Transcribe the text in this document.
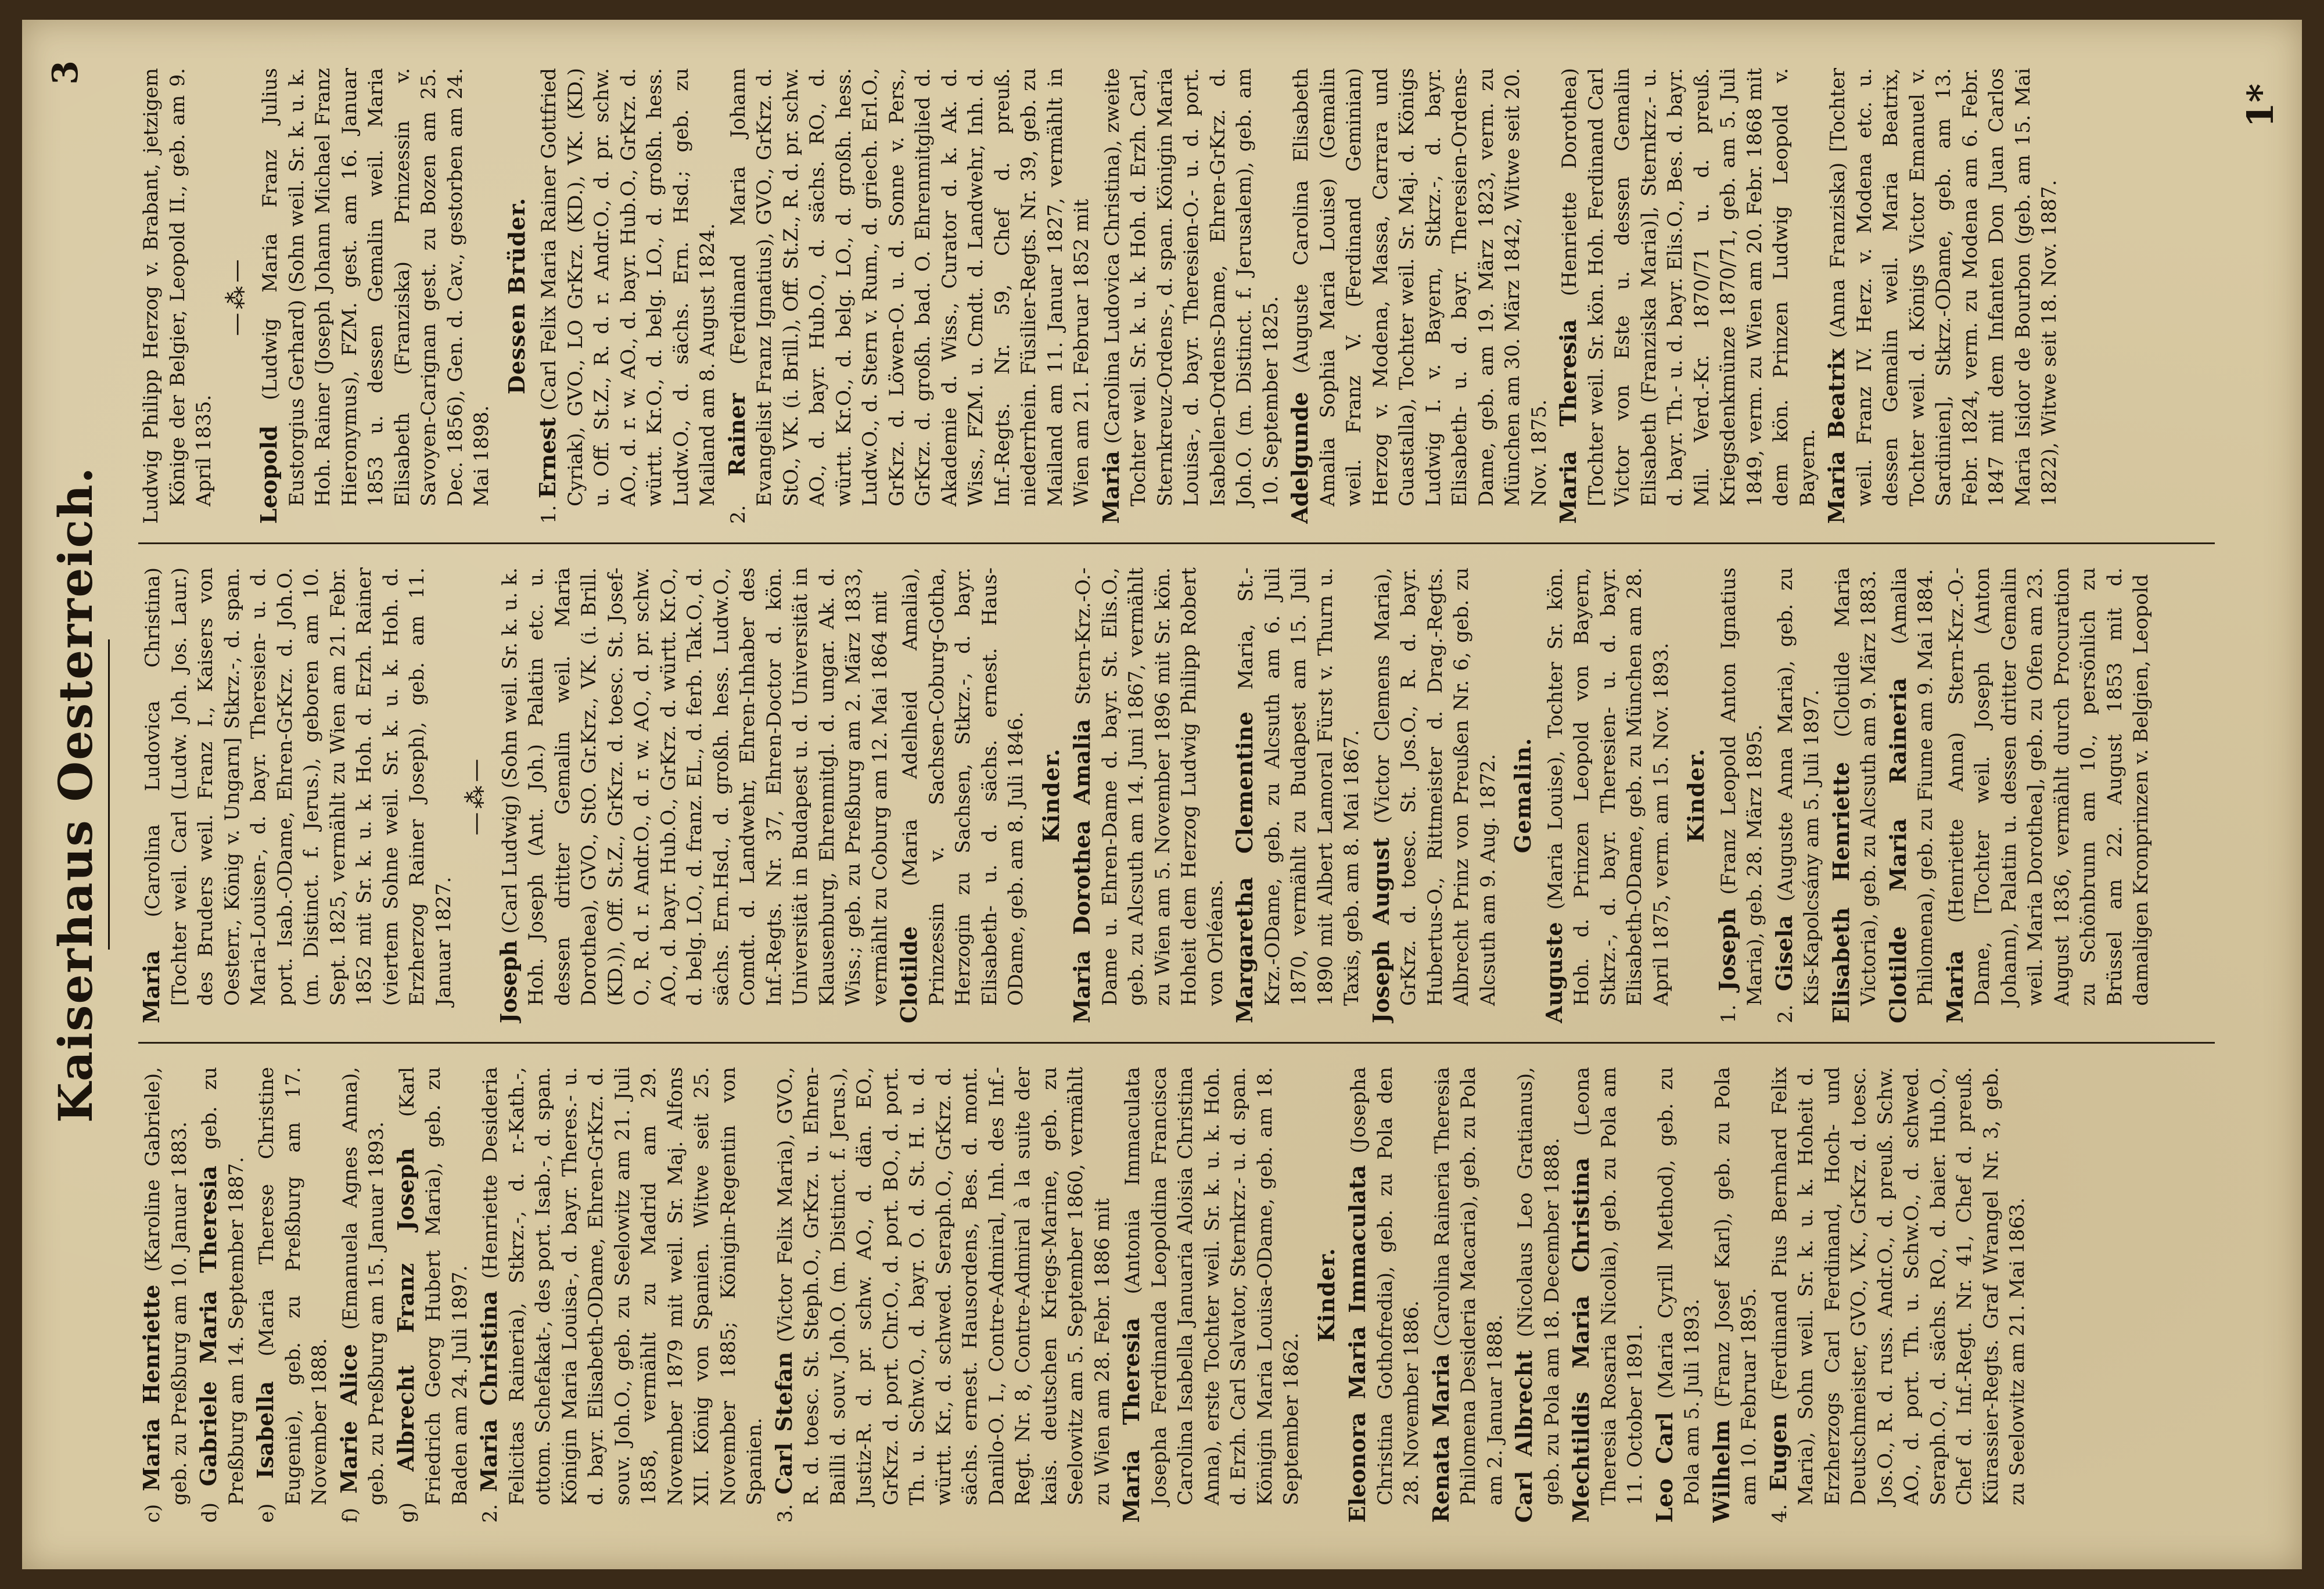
3
Kaiserhaus Oesterreich.

c) Maria Henriette (Karoline Gabriele), geb. zu Preßburg am 10. Januar 1883.

d) Gabriele Maria Theresia geb. zu Preßburg am 14. September 1887.

e) Isabella (Maria Therese Christine Eugenie), geb. zu Preßburg am 17. November 1888.

f) Marie Alice (Emanuela Agnes Anna), geb. zu Preßburg am 15. Januar 1893.

g) Albrecht Franz Joseph (Karl Friedrich Georg Hubert Maria), geb. zu Baden am 24. Juli 1897.

2. Maria Christina (Henriette Desideria Felicitas Raineria), Stkrz.-, d. r.-Kath.-, ottom. Schefakat-, des port. Isab.-, d. span. Königin Maria Louisa-, d. bayr. Theres.- u. d. bayr. Elisabeth-ODame, Ehren-GrKrz. d. souv. Joh.O., geb. zu Seelowitz am 21. Juli 1858, vermählt zu Madrid am 29. November 1879 mit weil. Sr. Maj. Alfons XII. König von Spanien. Witwe seit 25. November 1885; Königin-Regentin von Spanien.

3. Carl Stefan (Victor Felix Maria), GVO., R. d. toesc. St. Steph.O., GrKrz. u. Ehren-Bailli d. souv. Joh.O. (m. Distinct. f. Jerus.), Justiz-R. d. pr. schw. AO., d. dän. EO., GrKrz. d. port. Chr.O., d. port. BO., d. port. Th. u. Schw.O., d. bayr. O. d. St. H. u. d. württ. Kr., d. schwed. Seraph.O., GrKrz. d. sächs. ernest. Hausordens, Bes. d. mont. Danilo-O. I., Contre-Admiral, Inh. des Inf.-Regt. Nr. 8, Contre-Admiral à la suite der kais. deutschen Kriegs-Marine, geb. zu Seelowitz am 5. September 1860, vermählt zu Wien am 28. Febr. 1886 mit Maria Theresia (Antonia Immaculata Josepha Ferdinanda Leopoldina Francisca Carolina Isabella Januaria Aloisia Christina Anna), erste Tochter weil. Sr. k. u. k. Hoh. d. Erzh. Carl Salvator, Sternkrz.- u. d. span. Königin Maria Louisa-ODame, geb. am 18. September 1862.

Kinder. Eleonora Maria Immaculata (Josepha Christina Gothofredia), geb. zu Pola den 28. November 1886. Renata Maria (Carolina Raineria Theresia Philomena Desideria Macaria), geb. zu Pola am 2. Januar 1888. Carl Albrecht (Nicolaus Leo Gratianus), geb. zu Pola am 18. December 1888. Mechtildis Maria Christina (Leona Theresia Rosaria Nicolia), geb. zu Pola am 11. October 1891. Leo Carl (Maria Cyrill Method), geb. zu Pola am 5. Juli 1893. Wilhelm (Franz Josef Karl), geb. zu Pola am 10. Februar 1895.

4. Eugen (Ferdinand Pius Bernhard Felix Maria), Sohn weil. Sr. k. u. k. Hoheit d. Erzherzogs Carl Ferdinand, Hoch- und Deutschmeister, GVO., VK., GrKrz. d. toesc. Jos.O., R. d. russ. Andr.O., d. preuß. Schw. AO., d. port. Th. u. Schw.O., d. schwed. Seraph.O., d. sächs. RO., d. baier. Hub.O., Chef d. Inf.-Regt. Nr. 41, Chef d. preuß. Kürassier-Regts. Graf Wrangel Nr. 3, geb. zu Seelowitz am 21. Mai 1863.

Maria (Carolina Ludovica Christina) [Tochter weil. Carl (Ludw. Joh. Jos. Laur.) des Bruders weil. Franz I., Kaisers von Oesterr., König v. Ungarn] Stkrz.-, d. span. Maria-Louisen-, d. bayr. Theresien- u. d. port. Isab.-ODame, Ehren-GrKrz. d. Joh.O. (m. Distinct. f. Jerus.), geboren am 10. Sept. 1825, vermählt zu Wien am 21. Febr. 1852 mit Sr. k. u. k. Hoh. d. Erzh. Rainer (viertem Sohne weil. Sr. k. u. k. Hoh. d. Erzherzog Rainer Joseph), geb. am 11. Januar 1827.

—⁂—

Joseph (Carl Ludwig) (Sohn weil. Sr. k. u. k. Hoh. Joseph (Ant. Joh.) Palatin etc. u. dessen dritter Gemalin weil. Maria Dorothea), GVO., StO. Gr.Krz., VK. (i. Brill. (KD.)), Off. St.Z., GrKrz. d. toesc. St. Josef-O., R. d. r. Andr.O., d. r. w. AO., d. pr. schw. AO., d. bayr. Hub.O., GrKrz. d. württ. Kr.O., d. belg. LO., d. franz. EL., d. ferb. Tak.O., d. sächs. Ern.Hsd., d. großh. hess. Ludw.O., Comdt. d. Landwehr, Ehren-Inhaber des Inf.-Regts. Nr. 37, Ehren-Doctor d. kön. Universität in Budapest u. d. Universität in Klausenburg, Ehrenmitgl. d. ungar. Ak. d. Wiss.; geb. zu Preßburg am 2. März 1833, vermählt zu Coburg am 12. Mai 1864 mit Clotilde (Maria Adelheid Amalia), Prinzessin v. Sachsen-Coburg-Gotha, Herzogin zu Sachsen, Stkrz.-, d. bayr. Elisabeth- u. d. sächs. ernest. Haus-ODame, geb. am 8. Juli 1846. Kinder. Maria Dorothea Amalia Stern-Krz.-O.-Dame u. Ehren-Dame d. bayr. St. Elis.O., geb. zu Alcsuth am 14. Juni 1867, vermählt zu Wien am 5. November 1896 mit Sr. kön. Hoheit dem Herzog Ludwig Philipp Robert von Orléans. Margaretha Clementine Maria, St.-Krz.-ODame, geb. zu Alcsuth am 6. Juli 1870, vermählt zu Budapest am 15. Juli 1890 mit Albert Lamoral Fürst v. Thurn u. Taxis, geb. am 8. Mai 1867. Joseph August (Victor Clemens Maria), GrKrz. d. toesc. St. Jos.O., R. d. bayr. Hubertus-O., Rittmeister d. Drag.-Regts. Albrecht Prinz von Preußen Nr. 6, geb. zu Alcsuth am 9. Aug. 1872. Gemalin.

Auguste (Maria Louise), Tochter Sr. kön. Hoh. d. Prinzen Leopold von Bayern, Stkrz.-, d. bayr. Theresien- u. d. bayr. Elisabeth-ODame, geb. zu München am 28. April 1875, verm. am 15. Nov. 1893. Kinder.

1. Joseph (Franz Leopold Anton Ignatius Maria), geb. 28. März 1895.

2. Gisela (Auguste Anna Maria), geb. zu Kis-Kapolcsány am 5. Juli 1897. Elisabeth Henriette (Clotilde Maria Victoria), geb. zu Alcsuth am 9. März 1883. Clotilde Maria Raineria (Amalia Philomena), geb. zu Fiume am 9. Mai 1884. Maria (Henriette Anna) Stern-Krz.-O.-Dame, [Tochter weil. Joseph (Anton Johann), Palatin u. dessen dritter Gemalin weil. Maria Dorothea], geb. zu Ofen am 23. August 1836, vermählt durch Procuration zu Schönbrunn am 10., persönlich zu Brüssel am 22. August 1853 mit d. damaligen Kronprinzen v. Belgien, Leopold

Ludwig Philipp Herzog v. Brabant, jetzigem Könige der Belgier, Leopold II., geb. am 9. April 1835.

—⁂—

Leopold (Ludwig Maria Franz Julius Eustorgius Gerhard) (Sohn weil. Sr. k. u. k. Hoh. Rainer (Joseph Johann Michael Franz Hieronymus), FZM. gest. am 16. Januar 1853 u. dessen Gemalin weil. Maria Elisabeth (Franziska) Prinzessin v. Savoyen-Carignan gest. zu Bozen am 25. Dec. 1856), Gen. d. Cav., gestorben am 24. Mai 1898.

Dessen Brüder.

1. Ernest (Carl Felix Maria Rainer Gottfried Cyriak), GVO., LO GrKrz. (KD.), VK. (KD.) u. Off. St.Z., R. d. r. Andr.O., d. pr. schw. AO., d. r. w. AO., d. bayr. Hub.O., GrKrz. d. württ. Kr.O., d. belg. LO., d. großh. hess. Ludw.O., d. sächs. Ern. Hsd.; geb. zu Mailand am 8. August 1824.

2. Rainer (Ferdinand Maria Johann Evangelist Franz Ignatius), GVO., GrKrz. d. StO., VK. (i. Brill.), Off. St.Z., R. d. pr. schw. AO., d. bayr. Hub.O., d. sächs. RO., d. württ. Kr.O., d. belg. LO., d. großh. hess. Ludw.O., d. Stern v. Rum., d. griech. Erl.O., GrKrz. d. Löwen-O. u. d. Sonne v. Pers., GrKrz. d. großh. bad. O. Ehrenmitglied d. Akademie d. Wiss., Curator d. k. Ak. d. Wiss., FZM. u. Cmdt. d. Landwehr, Inh. d. Inf.-Regts. Nr. 59, Chef d. preuß. niederrhein. Füsilier-Regts. Nr. 39, geb. zu Mailand am 11. Januar 1827, vermählt in Wien am 21. Februar 1852 mit Maria (Carolina Ludovica Christina), zweite Tochter weil. Sr. k. u. k. Hoh. d. Erzh. Carl, Sternkreuz-Ordens-, d. span. Königin Maria Louisa-, d. bayr. Theresien-O.- u. d. port. Isabellen-Ordens-Dame, Ehren-GrKrz. d. Joh.O. (m. Distinct. f. Jerusalem), geb. am 10. September 1825. Adelgunde (Auguste Carolina Elisabeth Amalia Sophia Maria Louise) (Gemalin weil. Franz V. (Ferdinand Geminian) Herzog v. Modena, Massa, Carrara und Guastalla), Tochter weil. Sr. Maj. d. Königs Ludwig I. v. Bayern, Stkrz.-, d. bayr. Elisabeth- u. d. bayr. Theresien-Ordens-Dame, geb. am 19. März 1823, verm. zu München am 30. März 1842, Witwe seit 20. Nov. 1875. Maria Theresia (Henriette Dorothea) [Tochter weil. Sr. kön. Hoh. Ferdinand Carl Victor von Este u. dessen Gemalin Elisabeth (Franziska Maria)], Sternkrz.- u. d. bayr. Th.- u. d. bayr. Elis.O., Bes. d. bayr. Mil. Verd.-Kr. 1870/71 u. d. preuß. Kriegsdenkmünze 1870/71, geb. am 5. Juli 1849, verm. zu Wien am 20. Febr. 1868 mit dem kön. Prinzen Ludwig Leopold v. Bayern. Maria Beatrix (Anna Franziska) [Tochter weil. Franz IV. Herz. v. Modena etc. u. dessen Gemalin weil. Maria Beatrix, Tochter weil. d. Königs Victor Emanuel v. Sardinien], Stkrz.-ODame, geb. am 13. Febr. 1824, verm. zu Modena am 6. Febr. 1847 mit dem Infanten Don Juan Carlos Maria Isidor de Bourbon (geb. am 15. Mai 1822), Witwe seit 18. Nov. 1887.

1*
